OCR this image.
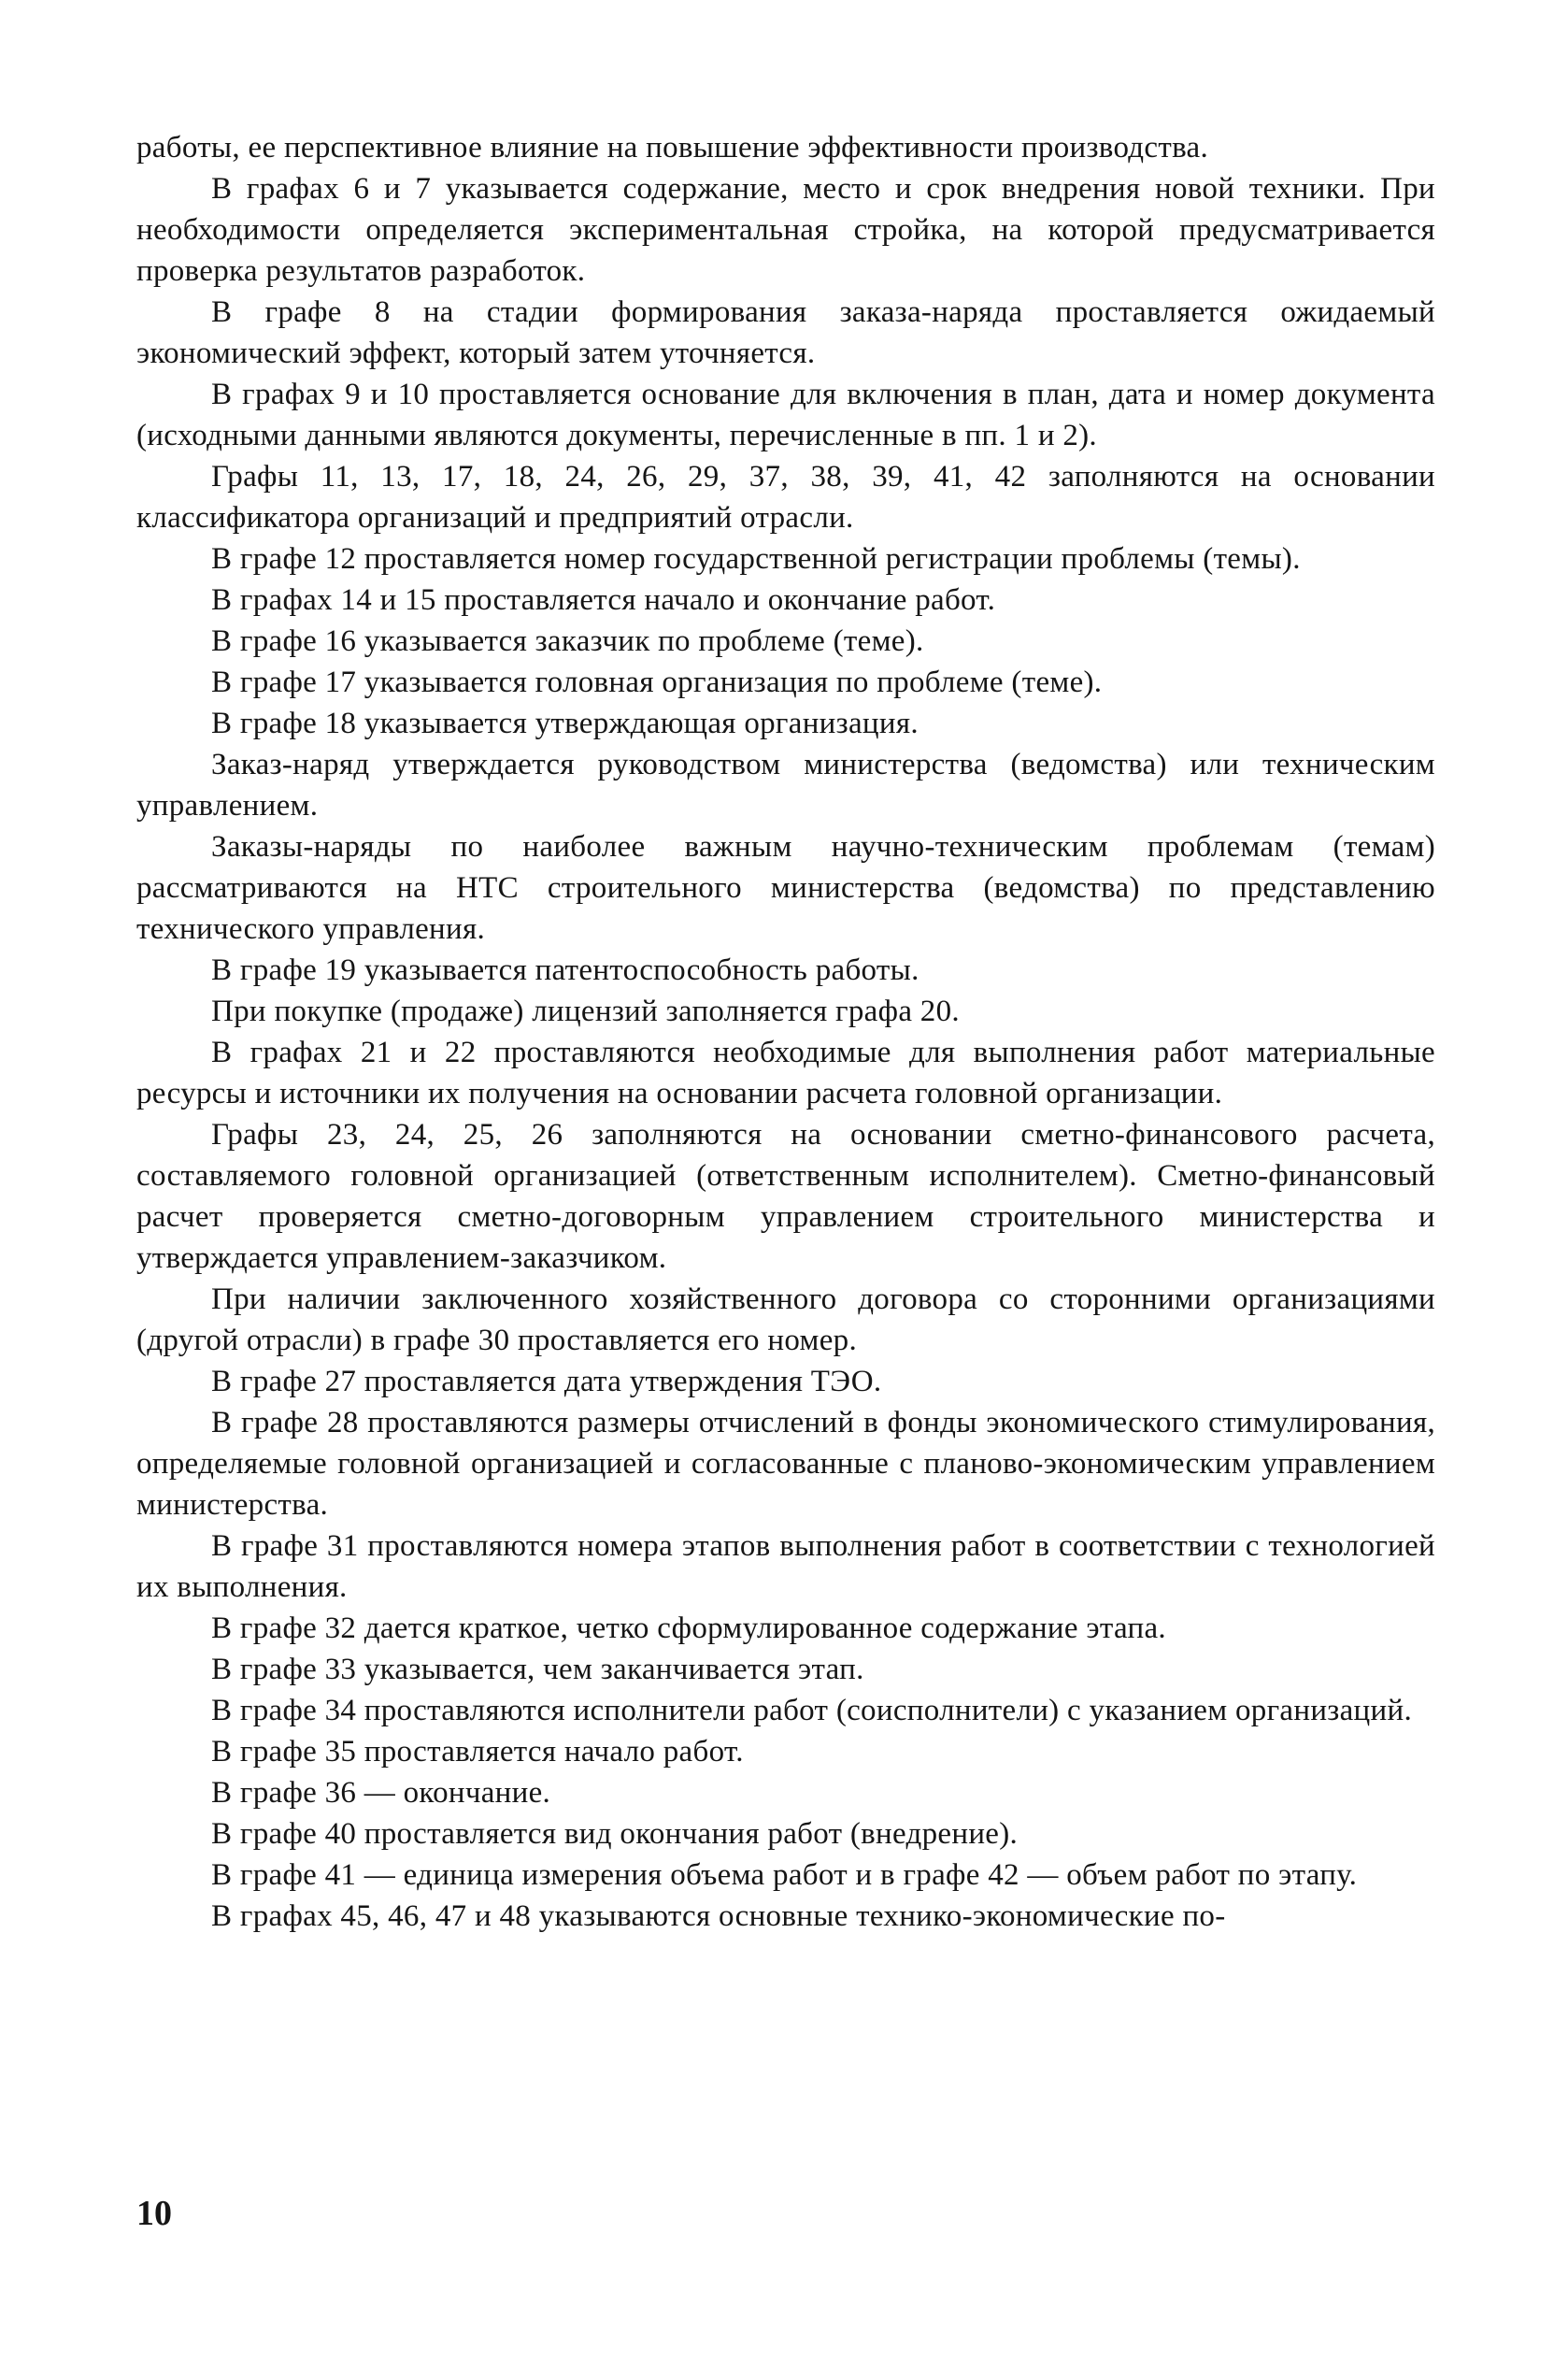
работы, ее перспективное влияние на повышение эффективности производства.

В графах 6 и 7 указывается содержание, место и срок внедрения новой техники. При необходимости определяется экспериментальная стройка, на которой предусматривается проверка результатов разработок.

В графе 8 на стадии формирования заказа-наряда проставляется ожидаемый экономический эффект, который затем уточняется.

В графах 9 и 10 проставляется основание для включения в план, дата и номер документа (исходными данными являются документы, перечисленные в пп. 1 и 2).

Графы 11, 13, 17, 18, 24, 26, 29, 37, 38, 39, 41, 42 заполняются на основании классификатора организаций и предприятий отрасли.

В графе 12 проставляется номер государственной регистрации проблемы (темы).

В графах 14 и 15 проставляется начало и окончание работ.

В графе 16 указывается заказчик по проблеме (теме).

В графе 17 указывается головная организация по проблеме (теме).

В графе 18 указывается утверждающая организация.

Заказ-наряд утверждается руководством министерства (ведомства) или техническим управлением.

Заказы-наряды по наиболее важным научно-техническим проблемам (темам) рассматриваются на НТС строительного министерства (ведомства) по представлению технического управления.

В графе 19 указывается патентоспособность работы.

При покупке (продаже) лицензий заполняется графа 20.

В графах 21 и 22 проставляются необходимые для выполнения работ материальные ресурсы и источники их получения на основании расчета головной организации.

Графы 23, 24, 25, 26 заполняются на основании сметно-финансового расчета, составляемого головной организацией (ответственным исполнителем). Сметно-финансовый расчет проверяется сметно-договорным управлением строительного министерства и утверждается управлением-заказчиком.

При наличии заключенного хозяйственного договора со сторонними организациями (другой отрасли) в графе 30 проставляется его номер.

В графе 27 проставляется дата утверждения ТЭО.

В графе 28 проставляются размеры отчислений в фонды экономического стимулирования, определяемые головной организацией и согласованные с планово-экономическим управлением министерства.

В графе 31 проставляются номера этапов выполнения работ в соответствии с технологией их выполнения.

В графе 32 дается краткое, четко сформулированное содержание этапа.

В графе 33 указывается, чем заканчивается этап.

В графе 34 проставляются исполнители работ (соисполнители) с указанием организаций.

В графе 35 проставляется начало работ.

В графе 36 — окончание.

В графе 40 проставляется вид окончания работ (внедрение).

В графе 41 — единица измерения объема работ и в графе 42 — объем работ по этапу.

В графах 45, 46, 47 и 48 указываются основные технико-экономические по-

10
